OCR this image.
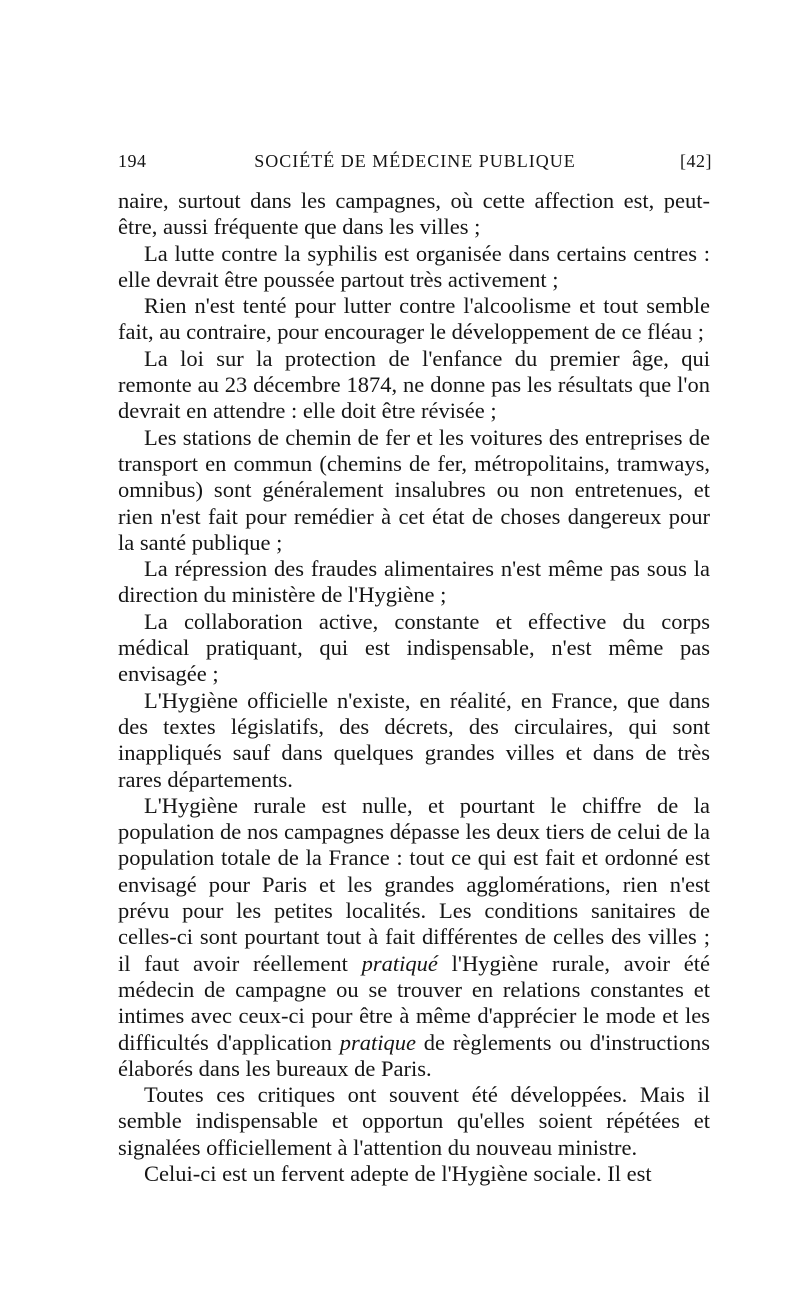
194	SOCIÉTÉ DE MÉDECINE PUBLIQUE	[42]

naire, surtout dans les campagnes, où cette affection est, peut-être, aussi fréquente que dans les villes ;

La lutte contre la syphilis est organisée dans certains centres : elle devrait être poussée partout très activement ;

Rien n'est tenté pour lutter contre l'alcoolisme et tout semble fait, au contraire, pour encourager le développement de ce fléau ;

La loi sur la protection de l'enfance du premier âge, qui remonte au 23 décembre 1874, ne donne pas les résultats que l'on devrait en attendre : elle doit être révisée ;

Les stations de chemin de fer et les voitures des entreprises de transport en commun (chemins de fer, métropolitains, tramways, omnibus) sont généralement insalubres ou non entretenues, et rien n'est fait pour remédier à cet état de choses dangereux pour la santé publique ;

La répression des fraudes alimentaires n'est même pas sous la direction du ministère de l'Hygiène ;

La collaboration active, constante et effective du corps médical pratiquant, qui est indispensable, n'est même pas envisagée ;

L'Hygiène officielle n'existe, en réalité, en France, que dans des textes législatifs, des décrets, des circulaires, qui sont inappliqués sauf dans quelques grandes villes et dans de très rares départements.

L'Hygiène rurale est nulle, et pourtant le chiffre de la population de nos campagnes dépasse les deux tiers de celui de la population totale de la France : tout ce qui est fait et ordonné est envisagé pour Paris et les grandes agglomérations, rien n'est prévu pour les petites localités. Les conditions sanitaires de celles-ci sont pourtant tout à fait différentes de celles des villes ; il faut avoir réellement pratiqué l'Hygiène rurale, avoir été médecin de campagne ou se trouver en relations constantes et intimes avec ceux-ci pour être à même d'apprécier le mode et les difficultés d'application pratique de règlements ou d'instructions élaborés dans les bureaux de Paris.

Toutes ces critiques ont souvent été développées. Mais il semble indispensable et opportun qu'elles soient répétées et signalées officiellement à l'attention du nouveau ministre.

Celui-ci est un fervent adepte de l'Hygiène sociale. Il est
